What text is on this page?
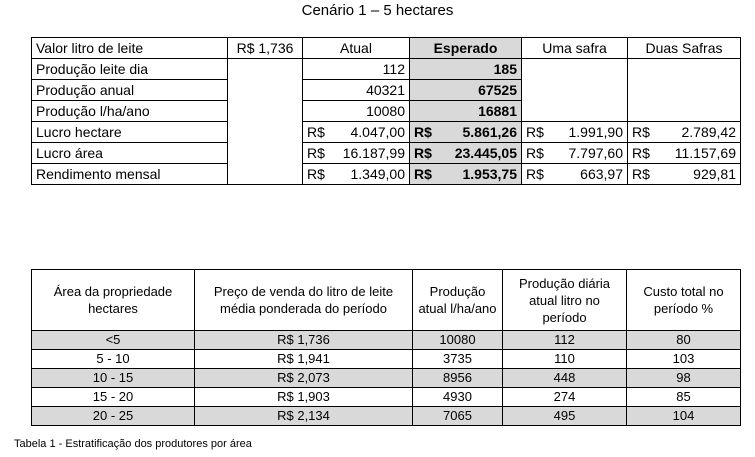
Cenário 1 – 5 hectares
Valor litro de leite	R$ 1,736	Atual	Esperado	Uma safra	Duas Safras
Produção leite dia		112	185		
Produção anual		40321	67525		
Produção l/ha/ano		10080	16881		
Lucro hectare		R$ 4.047,00	R$ 5.861,26	R$ 1.991,90	R$ 2.789,42

Lucro área		R$ 16.187,99	R$ 23.445,05	R$ 7.797,60	R$ 11.157,69

Rendimento mensal		R$ 1.349,00	R$ 1.953,75	R$ 663,97	R$ 929,81
Área da propriedade hectares	Preço de venda do litro de leite média ponderada do período	Produção atual l/ha/ano	Produção diária atual litro no período	Custo total no período %
<5	R$ 1,736	10080	112	80
5 - 10	R$ 1,941	3735	110	103
10 - 15	R$ 2,073	8956	448	98
15 - 20	R$ 1,903	4930	274	85
20 - 25	R$ 2,134	7065	495	104
Tabela 1 - Estratificação dos produtores por área
